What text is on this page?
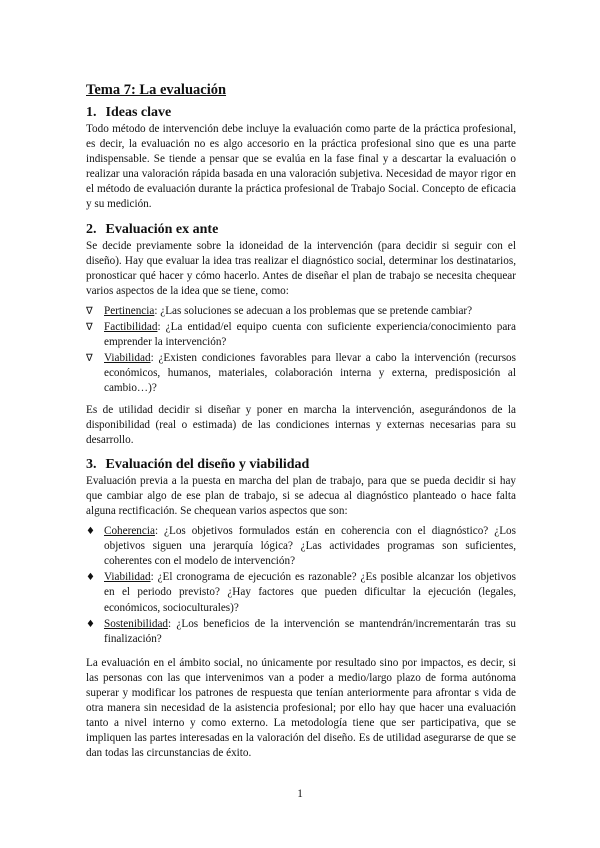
Tema 7: La evaluación
1. Ideas clave

Todo método de intervención debe incluye la evaluación como parte de la práctica profesional, es decir, la evaluación no es algo accesorio en la práctica profesional sino que es una parte indispensable. Se tiende a pensar que se evalúa en la fase final y a descartar la evaluación o realizar una valoración rápida basada en una valoración subjetiva. Necesidad de mayor rigor en el método de evaluación durante la práctica profesional de Trabajo Social. Concepto de eficacia y su medición.

2. Evaluación ex ante

Se decide previamente sobre la idoneidad de la intervención (para decidir si seguir con el diseño). Hay que evaluar la idea tras realizar el diagnóstico social, determinar los destinatarios, pronosticar qué hacer y cómo hacerlo. Antes de diseñar el plan de trabajo se necesita chequear varios aspectos de la idea que se tiene, como:

∇	Pertinencia: ¿Las soluciones se adecuan a los problemas que se pretende cambiar?
∇	Factibilidad: ¿La entidad/el equipo cuenta con suficiente experiencia/conocimiento para emprender la intervención?
∇	Viabilidad: ¿Existen condiciones favorables para llevar a cabo la intervención (recursos económicos, humanos, materiales, colaboración interna y externa, predisposición al cambio…)?

Es de utilidad decidir si diseñar y poner en marcha la intervención, asegurándonos de la disponibilidad (real o estimada) de las condiciones internas y externas necesarias para su desarrollo.

3. Evaluación del diseño y viabilidad

Evaluación previa a la puesta en marcha del plan de trabajo, para que se pueda decidir si hay que cambiar algo de ese plan de trabajo, si se adecua al diagnóstico planteado o hace falta alguna rectificación. Se chequean varios aspectos que son:

♦ Coherencia: ¿Los objetivos formulados están en coherencia con el diagnóstico? ¿Los objetivos siguen una jerarquía lógica? ¿Las actividades programas son suficientes, coherentes con el modelo de intervención?
♦ Viabilidad: ¿El cronograma de ejecución es razonable? ¿Es posible alcanzar los objetivos en el periodo previsto? ¿Hay factores que pueden dificultar la ejecución (legales, económicos, socioculturales)?
♦ Sostenibilidad: ¿Los beneficios de la intervención se mantendrán/incrementarán tras su finalización?

La evaluación en el ámbito social, no únicamente por resultado sino por impactos, es decir, si las personas con las que intervenimos van a poder a medio/largo plazo de forma autónoma superar y modificar los patrones de respuesta que tenían anteriormente para afrontar s vida de otra manera sin necesidad de la asistencia profesional; por ello hay que hacer una evaluación tanto a nivel interno y como externo. La metodología tiene que ser participativa, que se impliquen las partes interesadas en la valoración del diseño. Es de utilidad asegurarse de que se dan todas las circunstancias de éxito.

1
